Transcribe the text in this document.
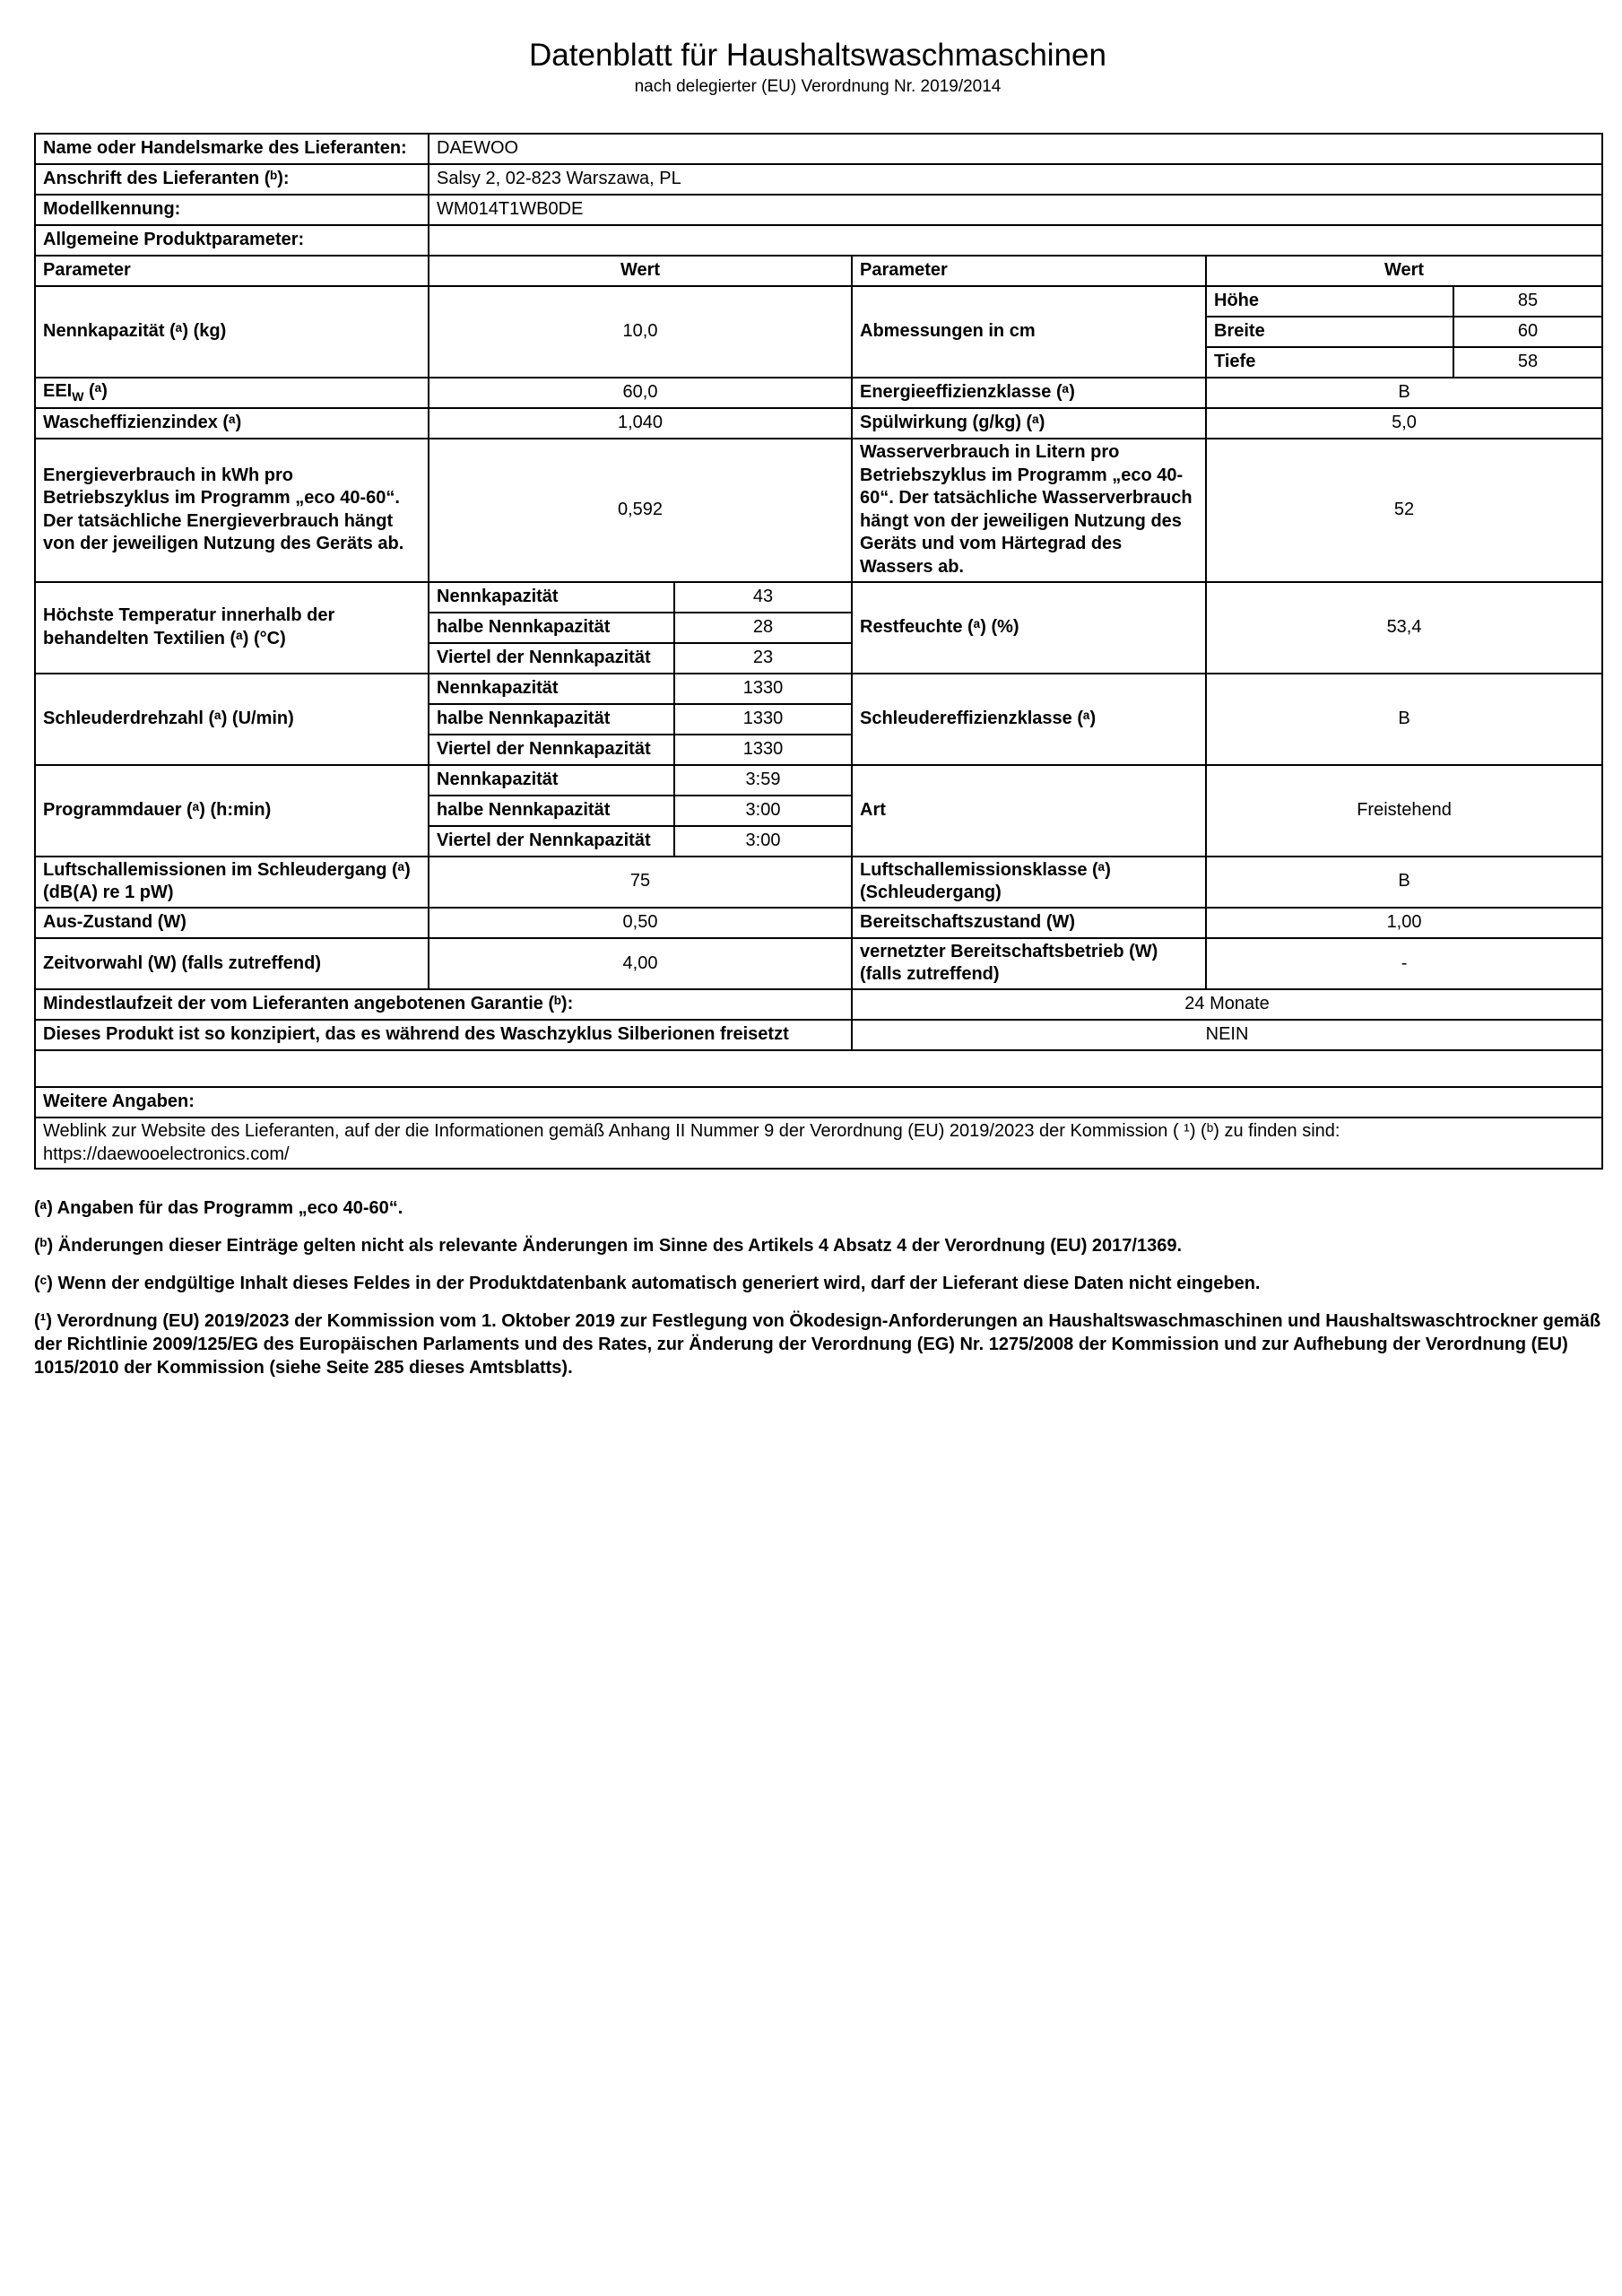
Datenblatt für Haushaltswaschmaschinen
nach delegierter (EU) Verordnung Nr. 2019/2014
Name oder Handelsmarke des Lieferanten:	DAEWOO				
Anschrift des Lieferanten (ᵇ):	Salsy 2, 02-823 Warszawa, PL				
Modellkennung:	WM014T1WB0DE				
Allgemeine Produktparameter:					
Parameter	Wert		Parameter	Wert	
Nennkapazität (ᵃ) (kg)	10,0		Abmessungen in cm	Höhe	85
				Breite	60
				Tiefe	58
$EEI_W$ (ᵃ)	60,0		Energieeffizienzklasse (ᵃ)	B	
Wascheffizienzindex (ᵃ)	1,040		Spülwirkung (g/kg) (ᵃ)	5,0	
Energieverbrauch in kWh pro Betriebszyklus im Programm „eco 40-60“. Der tatsächliche Energieverbrauch hängt von der jeweiligen Nutzung des Geräts ab.	0,592		Wasserverbrauch in Litern pro Betriebszyklus im Programm „eco 40-60“. Der tatsächliche Wasserverbrauch hängt von der jeweiligen Nutzung des Geräts und vom Härtegrad des Wassers ab.	52	
Höchste Temperatur innerhalb der behandelten Textilien (ᵃ) (°C)	Nennkapazität	43	Restfeuchte (ᵃ) (%)	53,4	
	halbe Nennkapazität	28			
	Viertel der Nennkapazität	23			
Schleuderdrehzahl (ᵃ) (U/min)	Nennkapazität	1330	Schleudereffizienzklasse (ᵃ)	B	
	halbe Nennkapazität	1330			
	Viertel der Nennkapazität	1330			
Programmdauer (ᵃ) (h:min)	Nennkapazität	3:59	Art	Freistehend	
	halbe Nennkapazität	3:00			
	Viertel der Nennkapazität	3:00			
Luftschallemissionen im Schleudergang (ᵃ) (dB(A) re 1 pW)	75		Luftschallemissionsklasse (ᵃ) (Schleudergang)	B	
Aus-Zustand (W)	0,50		Bereitschaftszustand (W)	1,00	
Zeitvorwahl (W) (falls zutreffend)	4,00		vernetzter Bereitschaftsbetrieb (W) (falls zutreffend)	-	
Mindestlaufzeit der vom Lieferanten angebotenen Garantie (ᵇ):			24 Monate		
Dieses Produkt ist so konzipiert, das es während des Waschzyklus Silberionen freisetzt			NEIN		

Weitere Angaben:					

Weblink zur Website des Lieferanten, auf der die Informationen gemäß Anhang II Nummer 9 der Verordnung (EU) 2019/2023 der Kommission ( ¹) (ᵇ) zu finden sind:
https://daewooelectronics.com/					

(ᵃ) Angaben für das Programm „eco 40-60“.

(ᵇ) Änderungen dieser Einträge gelten nicht als relevante Änderungen im Sinne des Artikels 4 Absatz 4 der Verordnung (EU) 2017/1369.

(ᶜ) Wenn der endgültige Inhalt dieses Feldes in der Produktdatenbank automatisch generiert wird, darf der Lieferant diese Daten nicht eingeben.

(¹) Verordnung (EU) 2019/2023 der Kommission vom 1. Oktober 2019 zur Festlegung von Ökodesign-Anforderungen an Haushaltswaschmaschinen und Haushaltswaschtrockner gemäß der Richtlinie 2009/125/EG des Europäischen Parlaments und des Rates, zur Änderung der Verordnung (EG) Nr. 1275/2008 der Kommission und zur Aufhebung der Verordnung (EU) 1015/2010 der Kommission (siehe Seite 285 dieses Amtsblatts).
